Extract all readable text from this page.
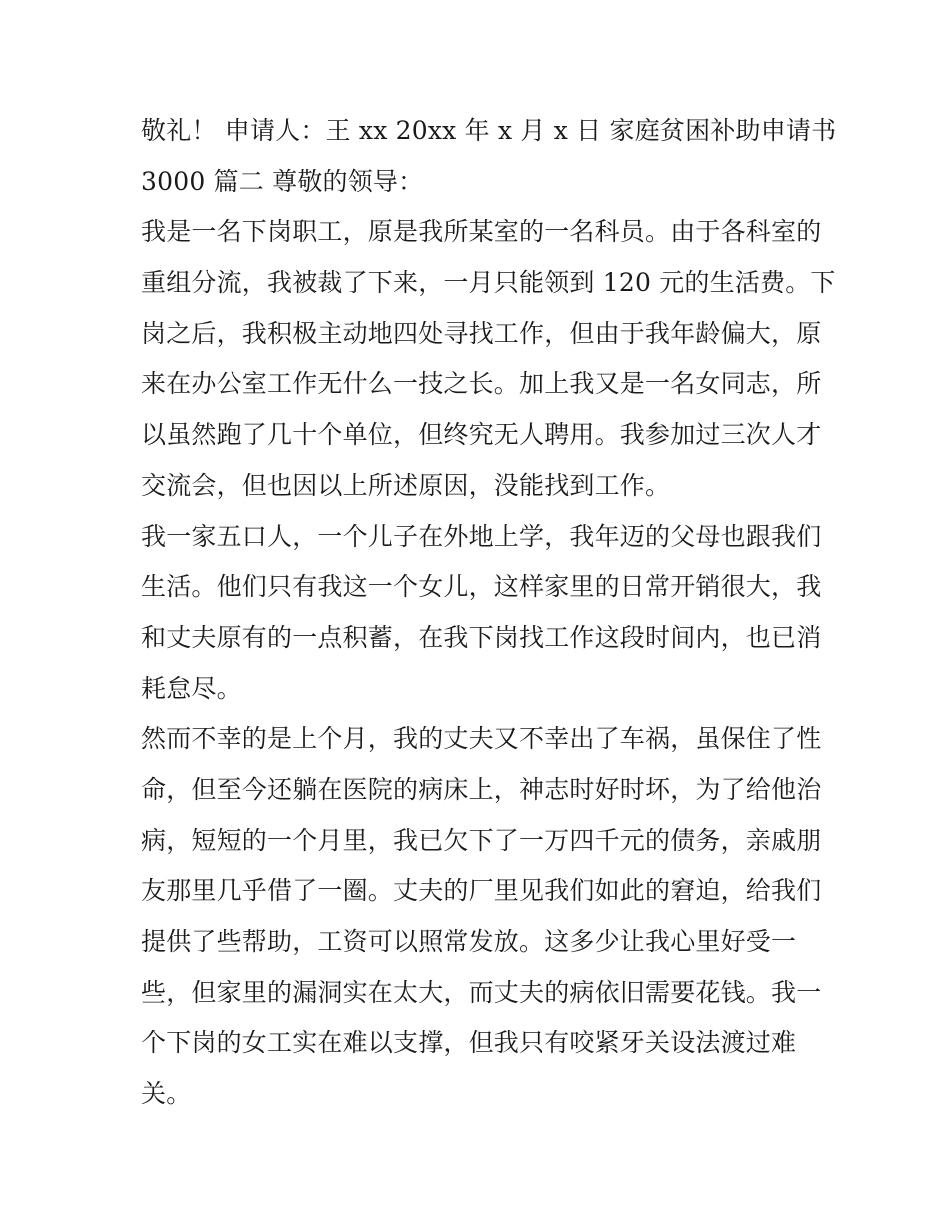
敬礼！ 申请人：王 xx 20xx 年 x 月 x 日 家庭贫困补助申请书
3000 篇二 尊敬的领导：
我是一名下岗职工，原是我所某室的一名科员。由于各科室的
重组分流，我被裁了下来，一月只能领到 120 元的生活费。下
岗之后，我积极主动地四处寻找工作，但由于我年龄偏大，原
来在办公室工作无什么一技之长。加上我又是一名女同志，所
以虽然跑了几十个单位，但终究无人聘用。我参加过三次人才
交流会，但也因以上所述原因，没能找到工作。
我一家五口人，一个儿子在外地上学，我年迈的父母也跟我们
生活。他们只有我这一个女儿，这样家里的日常开销很大，我
和丈夫原有的一点积蓄，在我下岗找工作这段时间内，也已消
耗怠尽。
然而不幸的是上个月，我的丈夫又不幸出了车祸，虽保住了性
命，但至今还躺在医院的病床上，神志时好时坏，为了给他治
病，短短的一个月里，我已欠下了一万四千元的债务，亲戚朋
友那里几乎借了一圈。丈夫的厂里见我们如此的窘迫，给我们
提供了些帮助，工资可以照常发放。这多少让我心里好受一
些，但家里的漏洞实在太大，而丈夫的病依旧需要花钱。我一
个下岗的女工实在难以支撑，但我只有咬紧牙关设法渡过难
关。
